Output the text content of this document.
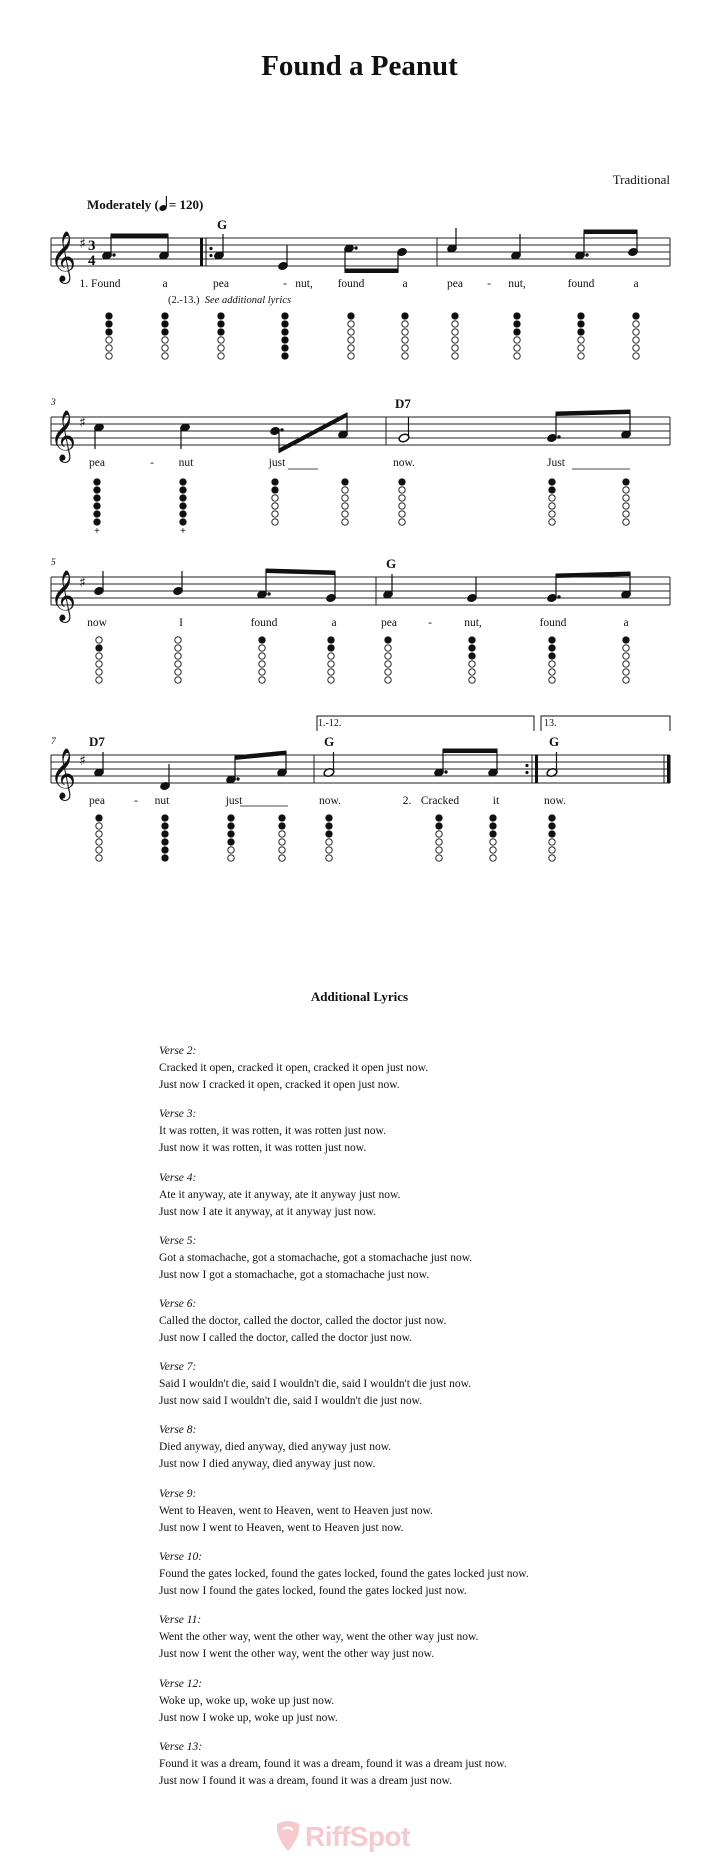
Found a Peanut
Traditional
Moderately ( = 120)
G
D7
G
D7	G	G
3
5
7
1.-12.	13.
1. Found	a	pea	- nut, found	a	pea - nut,	found	a
(2.-13.) See additional lyrics
pea	- nut	just	now.	Just
now	I	found	a	pea	-	nut,	found	a
pea	- nut	just	now.	2. Cracked	it	now.
𝄞 ♯ 3
4
𝄞 ♯
𝄞 ♯
𝄞 ♯
+	+
Additional Lyrics
Verse 2:
Cracked it open, cracked it open, cracked it open just now.
Just now I cracked it open, cracked it open just now.
Verse 3:
It was rotten, it was rotten, it was rotten just now.
Just now it was rotten, it was rotten just now.
Verse 4:
Ate it anyway, ate it anyway, ate it anyway just now.
Just now I ate it anyway, at it anyway just now.
Verse 5:
Got a stomachache, got a stomachache, got a stomachache just now.
Just now I got a stomachache, got a stomachache just now.
Verse 6:
Called the doctor, called the doctor, called the doctor just now.
Just now I called the doctor, called the doctor just now.
Verse 7:
Said I wouldn't die, said I wouldn't die, said I wouldn't die just now.
Just now said I wouldn't die, said I wouldn't die just now.
Verse 8:
Died anyway, died anyway, died anyway just now.
Just now I died anyway, died anyway just now.
Verse 9:
Went to Heaven, went to Heaven, went to Heaven just now.
Just now I went to Heaven, went to Heaven just now.
Verse 10:
Found the gates locked, found the gates locked, found the gates locked just now.
Just now I found the gates locked, found the gates locked just now.
Verse 11:
Went the other way, went the other way, went the other way just now.
Just now I went the other way, went the other way just now.
Verse 12:
Woke up, woke up, woke up just now.
Just now I woke up, woke up just now.
Verse 13:
Found it was a dream, found it was a dream, found it was a dream just now.
Just now I found it was a dream, found it was a dream just now.
RiffSpot
